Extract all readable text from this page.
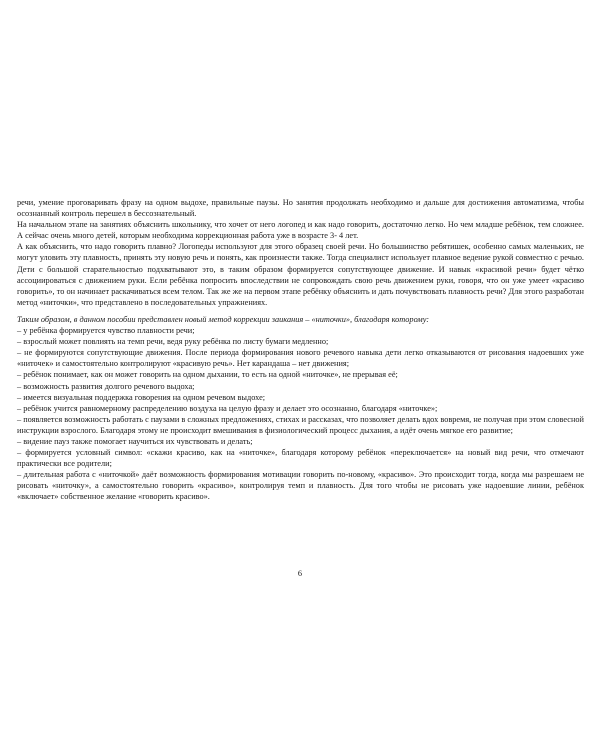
речи, умение проговаривать фразу на одном выдохе, правильные паузы. Но занятия продолжать необходимо и дальше для достижения автоматизма, чтобы осознанный контроль перешел в бессознательный.

На начальном этапе на занятиях объяснить школьнику, что хочет от него логопед и как надо говорить, достаточно легко. Но чем младше ребёнок, тем сложнее. А сейчас очень много детей, которым необходима коррекционная работа уже в возрасте 3- 4 лет.

А как объяснить, что надо говорить плавно? Логопеды используют для этого образец своей речи. Но большинство ребятишек, особенно самых маленьких, не могут уловить эту плавность, принять эту новую речь и понять, как произнести также. Тогда специалист использует плавное ведение рукой совместно с речью. Дети с большой старательностью подхватывают это, в таким образом формируется сопутствующее движение. И навык «красивой речи» будет чётко ассоциироваться с движением руки. Если ребёнка попросить впоследствии не сопровождать свою речь движением руки, говоря, что он уже умеет «красиво говорить», то он начинает раскачиваться всем телом. Так же же на первом этапе ребёнку объяснить и дать почувствовать плавность речи? Для этого разработан метод «ниточки», что представлено в последовательных упражнениях.

Таким образом, в данном пособии представлен новый метод коррекции заикания – «ниточки», благодаря которому:

– у ребёнка формируется чувство плавности речи;

– взрослый может повлиять на темп речи, ведя руку ребёнка по листу бумаги медленно;

– не формируются сопутствующие движения. После периода формирования нового речевого навыка дети легко отказываются от рисования надоевших уже «ниточек» и самостоятельно контролируют «красивую речь». Нет карандаша – нет движения;

– ребёнок понимает, как он может говорить на одном дыхании, то есть на одной «ниточке», не прерывая её;

– возможность развития долгого речевого выдоха;

– имеется визуальная поддержка говорения на одном речевом выдохе;

– ребёнок учится равномерному распределению воздуха на целую фразу и делает это осознанно, благодаря «ниточке»;

– появляется возможность работать с паузами в сложных предложениях, стихах и рассказах, что позволяет делать вдох вовремя, не получая при этом словесной инструкции взрослого. Благодаря этому не происходит вмешивания в физиологический процесс дыхания, а идёт очень мягкое его развитие;

– видение пауз также помогает научиться их чувствовать и делать;

– формируется условный символ: «скажи красиво, как на «ниточке», благодаря которому ребёнок «переключается» на новый вид речи, что отмечают практически все родители;

– длительная работа с «ниточкой» даёт возможность формирования мотивации говорить по-новому, «красиво». Это происходит тогда, когда мы разрешаем не рисовать «ниточку», а самостоятельно говорить «красиво», контролируя темп и плавность. Для того чтобы не рисовать уже надоевшие линии, ребёнок «включает» собственное желание «говорить красиво».

6
